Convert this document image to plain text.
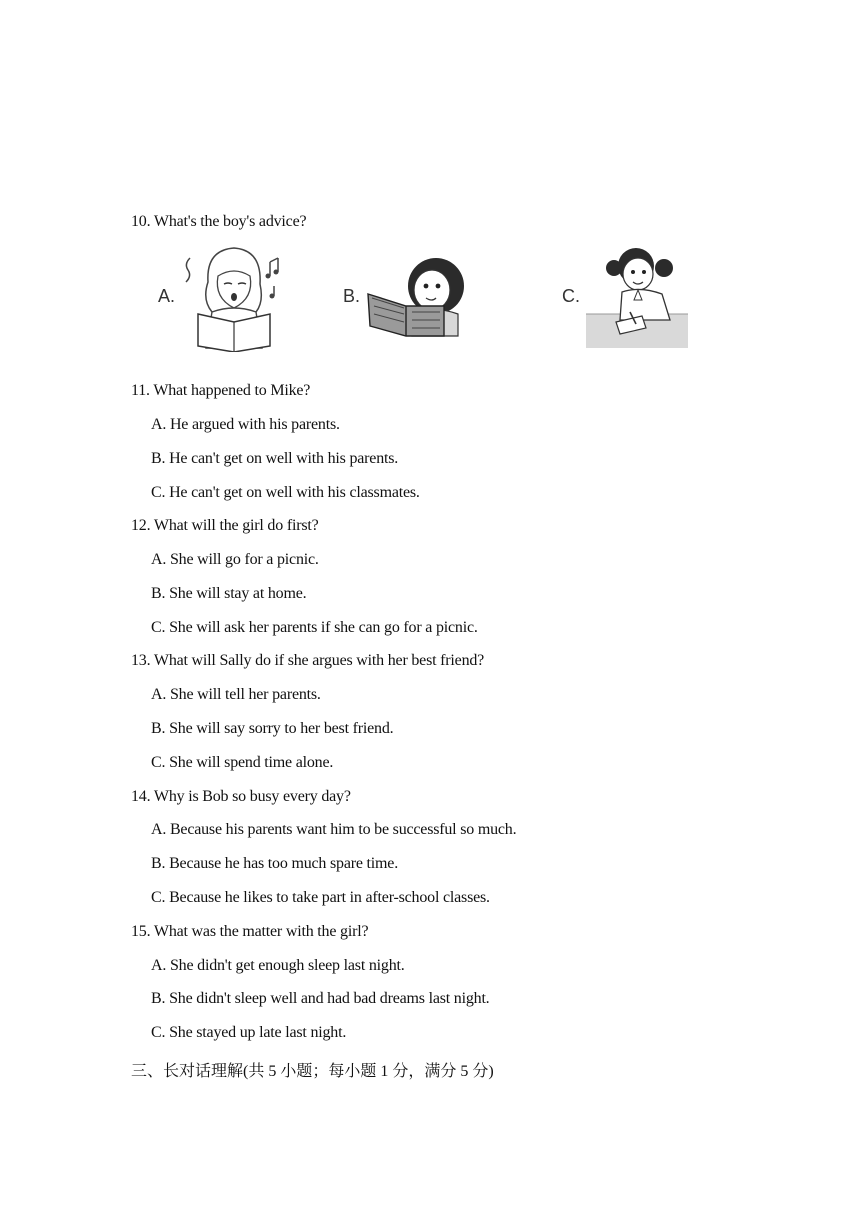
10. What's the boy's advice?
A.	B.	C.
11. What happened to Mike?
A. He argued with his parents.
B. He can't get on well with his parents.
C. He can't get on well with his classmates.
12. What will the girl do first?
A. She will go for a picnic.
B. She will stay at home.
C. She will ask her parents if she can go for a picnic.
13. What will Sally do if she argues with her best friend?
A. She will tell her parents.
B. She will say sorry to her best friend.
C. She will spend time alone.
14. Why is Bob so busy every day?
A. Because his parents want him to be successful so much.
B. Because he has too much spare time.
C. Because he likes to take part in after-school classes.
15. What was the matter with the girl?
A. She didn't get enough sleep last night.
B. She didn't sleep well and had bad dreams last night.
C. She stayed up late last night.
三、长对话理解(共 5 小题；每小题 1 分，满分 5 分)
